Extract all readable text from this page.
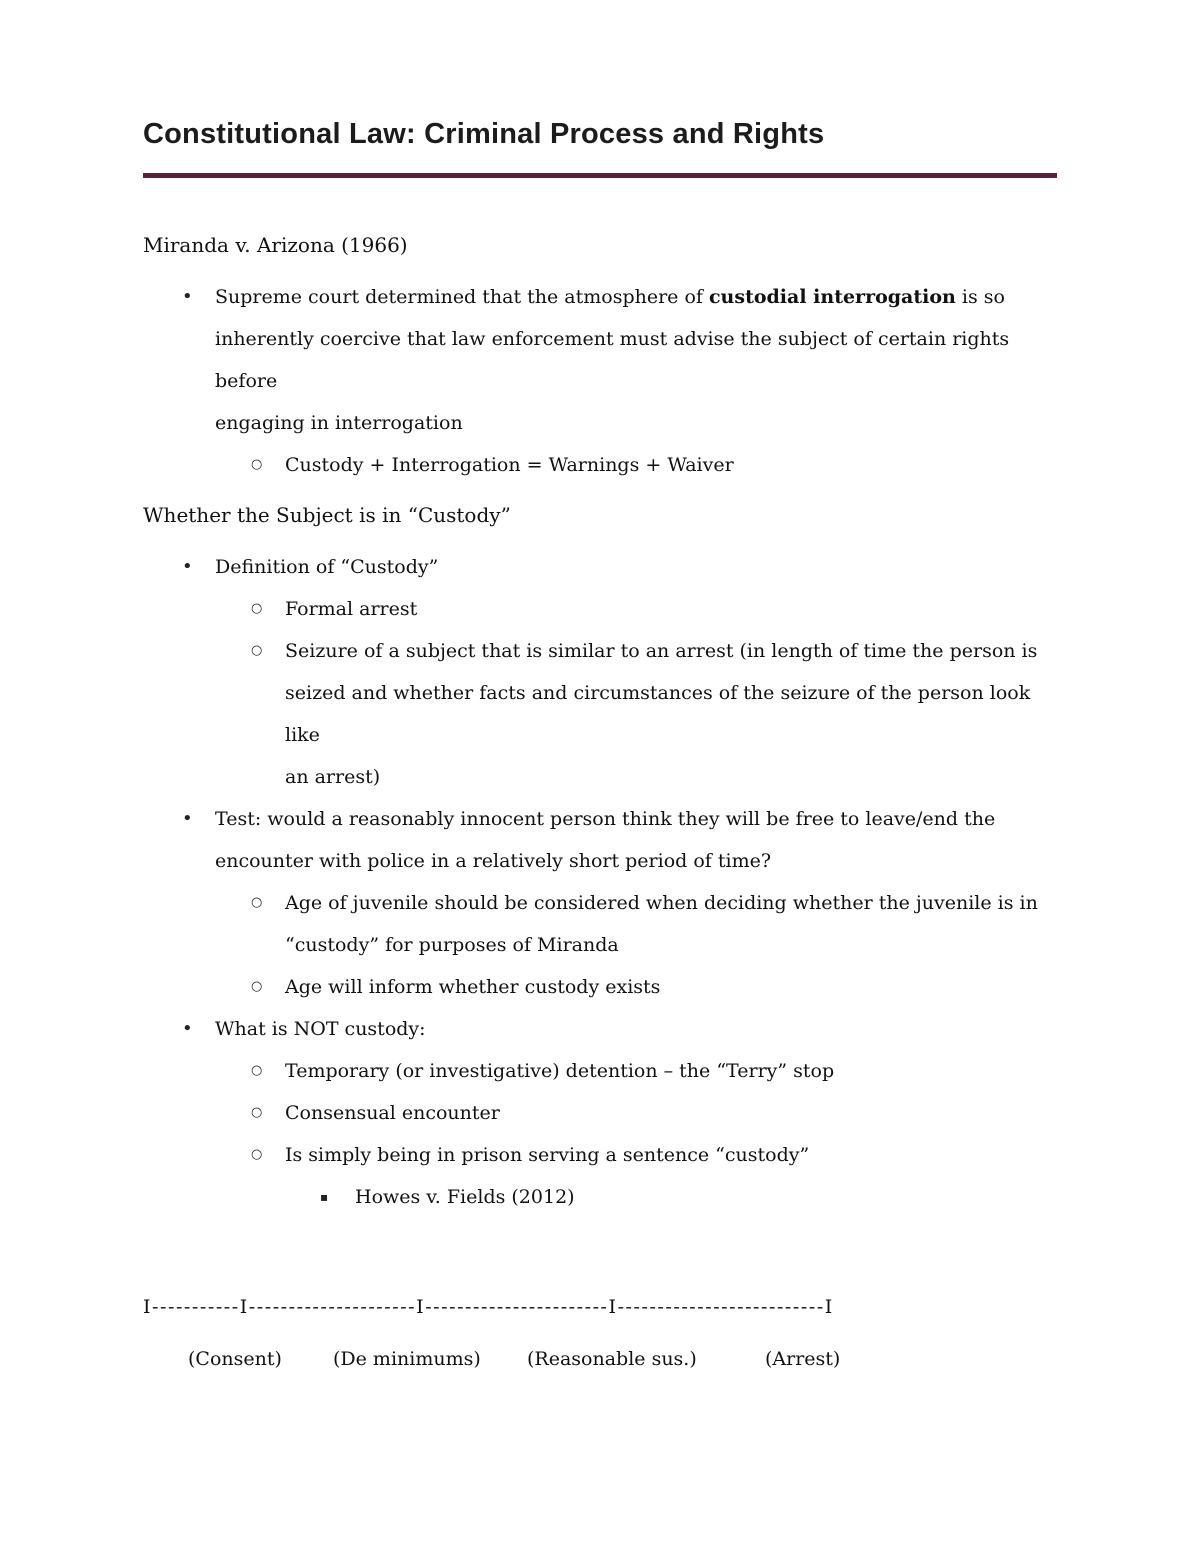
Constitutional Law: Criminal Process and Rights
Miranda v. Arizona (1966)
• Supreme court determined that the atmosphere of custodial interrogation is so
inherently coercive that law enforcement must advise the subject of certain rights before
engaging in interrogation
○ Custody + Interrogation = Warnings + Waiver
Whether the Subject is in “Custody”
• Definition of “Custody”
○ Formal arrest
○ Seizure of a subject that is similar to an arrest (in length of time the person is
seized and whether facts and circumstances of the seizure of the person look like
an arrest)
• Test: would a reasonably innocent person think they will be free to leave/end the
encounter with police in a relatively short period of time?
○ Age of juvenile should be considered when deciding whether the juvenile is in
“custody” for purposes of Miranda
○ Age will inform whether custody exists
• What is NOT custody:
○ Temporary (or investigative) detention – the “Terry” stop
○ Consensual encounter
○ Is simply being in prison serving a sentence “custody”
▪ Howes v. Fields (2012)
I-----------I---------------------I-----------------------I--------------------------I
(Consent)	(De minimums) (Reasonable sus.)	(Arrest)
